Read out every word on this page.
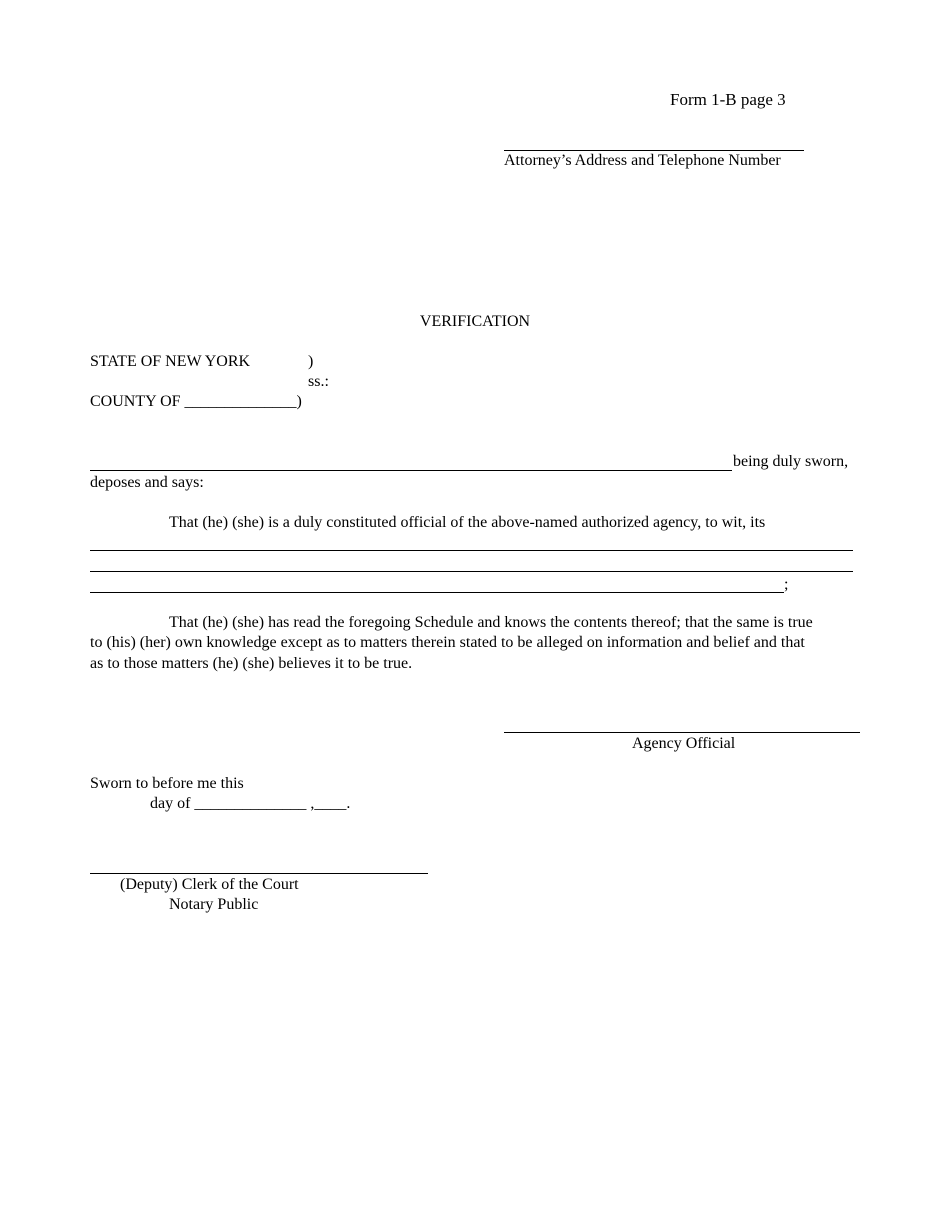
Form 1-B page 3
Attorney’s Address and Telephone Number
VERIFICATION
STATE OF NEW YORK	)
ss.:
COUNTY OF ______________)
being duly sworn,
deposes and says:
That (he) (she) is a duly constituted official of the above-named authorized agency, to wit, its
;
That (he) (she) has read the foregoing Schedule and knows the contents thereof; that the same is true
to (his) (her) own knowledge except as to matters therein stated to be alleged on information and belief and that
as to those matters (he) (she) believes it to be true.
Agency Official
Sworn to before me this
day of ______________ ,____.
(Deputy) Clerk of the Court
Notary Public
